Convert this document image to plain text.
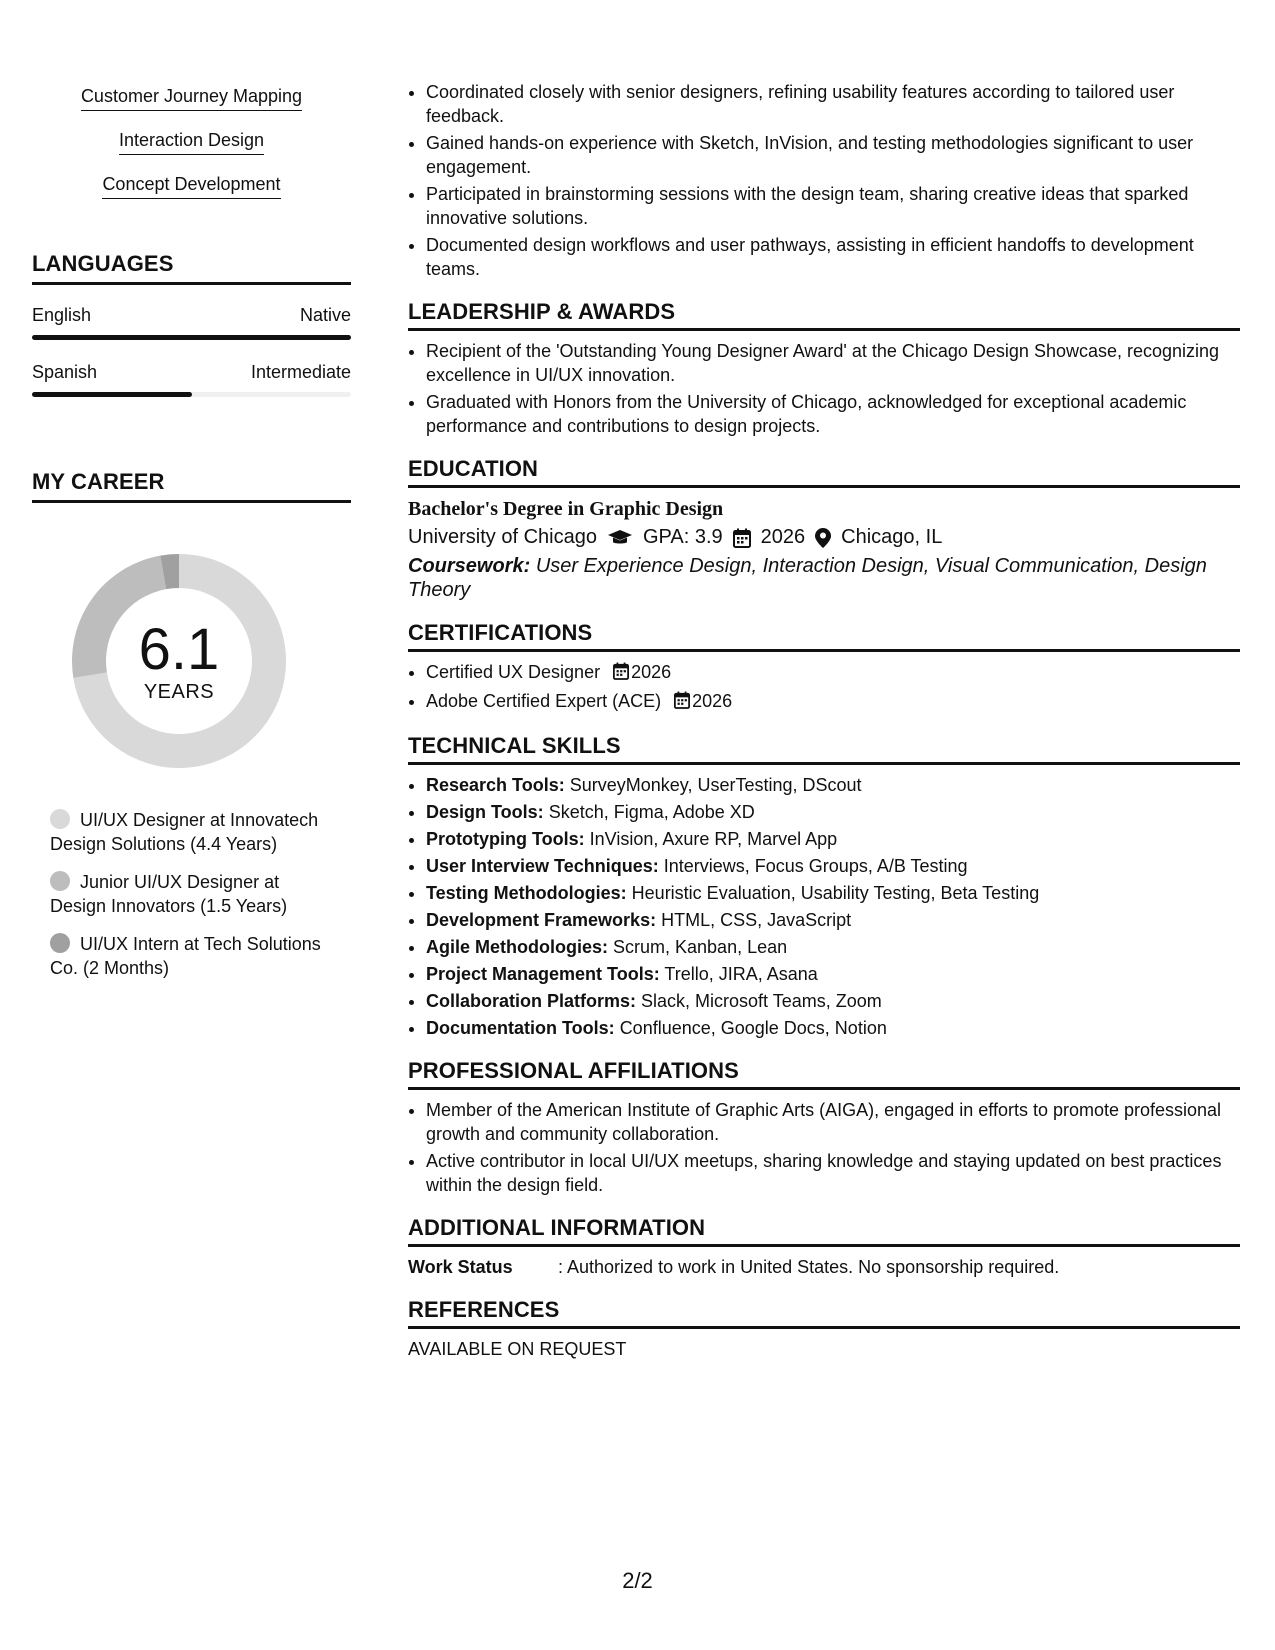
Customer Journey Mapping
Interaction Design
Concept Development
LANGUAGES
English	Native
Spanish	Intermediate
MY CAREER
6.1
YEARS
UI/UX Designer at Innovatech Design Solutions (4.4 Years)
Junior UI/UX Designer at Design Innovators (1.5 Years)
UI/UX Intern at Tech Solutions Co. (2 Months)
• Coordinated closely with senior designers, refining usability features according to tailored user feedback.
• Gained hands-on experience with Sketch, InVision, and testing methodologies significant to user engagement.
• Participated in brainstorming sessions with the design team, sharing creative ideas that sparked innovative solutions.
• Documented design workflows and user pathways, assisting in efficient handoffs to development teams.
LEADERSHIP & AWARDS
• Recipient of the 'Outstanding Young Designer Award' at the Chicago Design Showcase, recognizing excellence in UI/UX innovation.
• Graduated with Honors from the University of Chicago, acknowledged for exceptional academic performance and contributions to design projects.
EDUCATION
Bachelor's Degree in Graphic Design
University of Chicago GPA: 3.9 2026 Chicago, IL
Coursework: User Experience Design, Interaction Design, Visual Communication, Design Theory
CERTIFICATIONS
• Certified UX Designer 2026
• Adobe Certified Expert (ACE) 2026
TECHNICAL SKILLS
• Research Tools: SurveyMonkey, UserTesting, DScout
• Design Tools: Sketch, Figma, Adobe XD
• Prototyping Tools: InVision, Axure RP, Marvel App
• User Interview Techniques: Interviews, Focus Groups, A/B Testing
• Testing Methodologies: Heuristic Evaluation, Usability Testing, Beta Testing
• Development Frameworks: HTML, CSS, JavaScript
• Agile Methodologies: Scrum, Kanban, Lean
• Project Management Tools: Trello, JIRA, Asana
• Collaboration Platforms: Slack, Microsoft Teams, Zoom
• Documentation Tools: Confluence, Google Docs, Notion
PROFESSIONAL AFFILIATIONS
• Member of the American Institute of Graphic Arts (AIGA), engaged in efforts to promote professional growth and community collaboration.
• Active contributor in local UI/UX meetups, sharing knowledge and staying updated on best practices within the design field.
ADDITIONAL INFORMATION
Work Status	: Authorized to work in United States. No sponsorship required.
REFERENCES
AVAILABLE ON REQUEST
2/2
